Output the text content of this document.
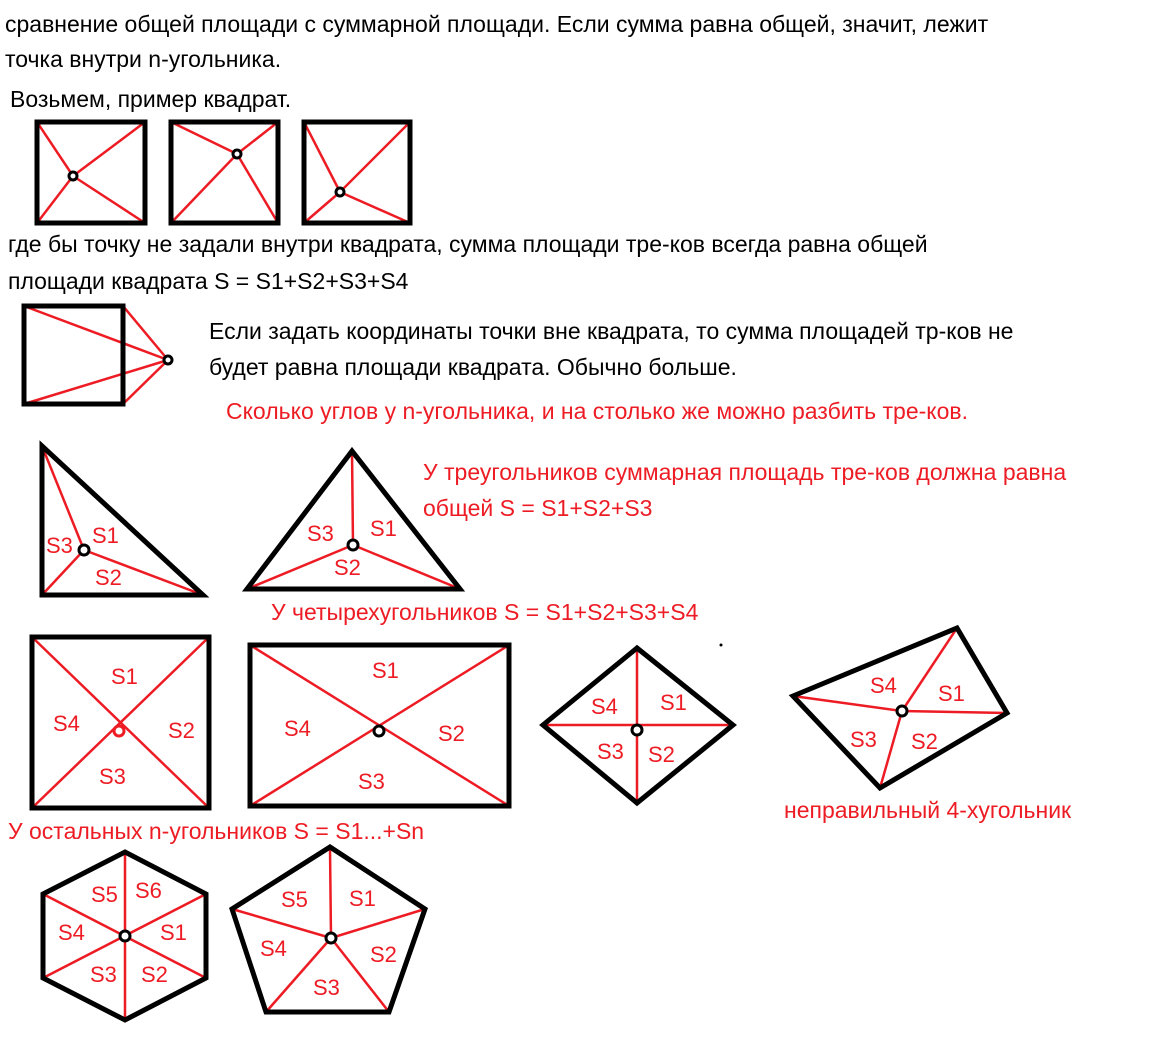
сравнение общей площади с суммарной площади. Если сумма равна общей, значит, лежит
точка внутри n-угольника.
Возьмем, пример квадрат.
где бы точку не задали внутри квадрата, сумма площади тре-ков всегда равна общей
площади квадрата S = S1+S2+S3+S4
Если задать координаты точки вне квадрата, то сумма площадей тр-ков не
будет равна площади квадрата. Обычно больше.
Сколько углов у n-угольника, и на столько же можно разбить тре-ков.
У треугольников суммарная площадь тре-ков должна равна
общей S = S1+S2+S3
У четырехугольников S = S1+S2+S3+S4
неправильный 4-хугольник
У остальных n-угольников S = S1...+Sn
S1
S2
S3
S1
S2
S3
S1
S2
S3
S4
S1
S2
S3
S4
S1
S2
S3
S4
S1
S2
S3
S4
S1
S2
S3
S4
S5 S6	S1
S2
S3
S4
S5
